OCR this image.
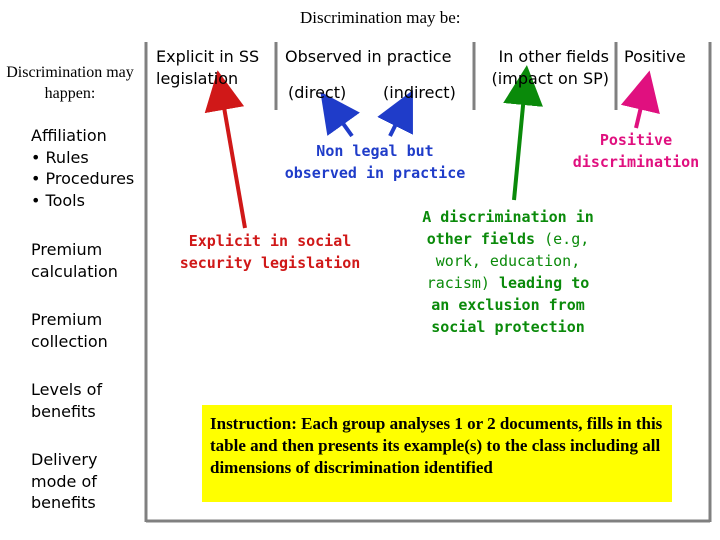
Discrimination may be:
Discrimination may happen:
Explicit in SS
legislation
Observed in practice
(direct) (indirect)
In other fields
(impact on SP)
Positive
Affiliation
• Rules
• Procedures
• Tools
Premium
calculation
Premium
collection
Levels of
benefits
Delivery
mode of
benefits
Explicit in social
security legislation
Non legal but
observed in practice
Positive
discrimination
A discrimination in
other fields (e.g,
work, education,
racism) leading to
an exclusion from
social protection
Instruction: Each group analyses 1 or 2 documents, fills in this table and then presents its example(s) to the class including all dimensions of discrimination identified
